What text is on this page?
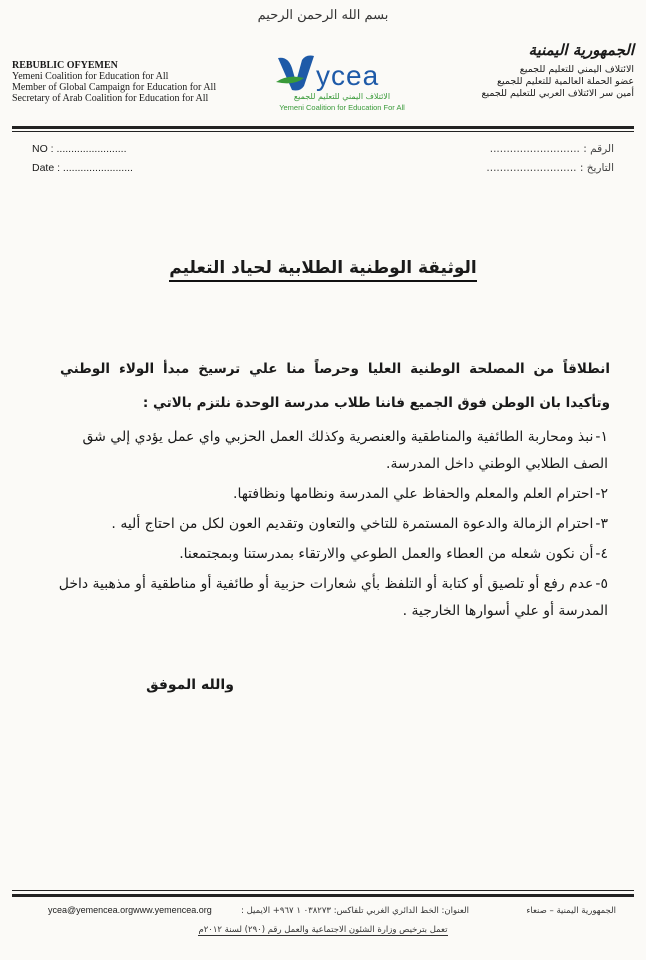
بسم الله الرحمن الرحيم
REBUBLIC OFYEMEN
Yemeni Coalition for Education for All
Member of Global Campaign for Education for All
Secretary of Arab Coalition for Education for All
ycea
الائتلاف اليمني للتعليم للجميع
Yemeni Coalition for Education For All
الجمهورية اليمنية
الائتلاف اليمني للتعليم للجميع
عضو الحملة العالمية للتعليم للجميع
أمين سر الائتلاف العربي للتعليم للجميع
NO : ........................
Date : ........................
الرقم : ...........................
التاريخ : ...........................
الوثيقة الوطنية الطلابية لحياد التعليم
انطلاقاً من المصلحة الوطنية العليا وحرصاً منا علي ترسيخ مبدأ الولاء الوطني وتأكيدا بان الوطن فوق الجميع فاننا طلاب مدرسة الوحدة نلتزم بالاتي :
١-نبذ ومحاربة الطائفية والمناطقية والعنصرية وكذلك العمل الحزبي واي عمل يؤدي إلي شق الصف الطلابي الوطني داخل المدرسة.
٢-احترام العلم والمعلم والحفاظ علي المدرسة ونظامها ونظافتها.
٣-احترام الزمالة والدعوة المستمرة للتاخي والتعاون وتقديم العون لكل من احتاج أليه .
٤-أن نكون شعله من العطاء والعمل الطوعي والارتقاء بمدرستنا وبمجتمعنا.
٥-عدم رفع أو تلصيق أو كتابة أو التلفظ بأي شعارات حزبية أو طائفية أو مناطقية أو مذهبية داخل المدرسة أو علي أسوارها الخارجية .
والله الموفق
الجمهورية اليمنية – صنعاء
العنوان: الخط الدائري الغربي تلفاكس: ٠٣٨٢٧٣ ١ ٩٦٧+ الايميل :
ycea@yemencea.orgwww.yemencea.org
تعمل بترخيص وزارة الشئون الاجتماعية والعمل رقم (٢٩٠) لسنة ٢٠١٢م
